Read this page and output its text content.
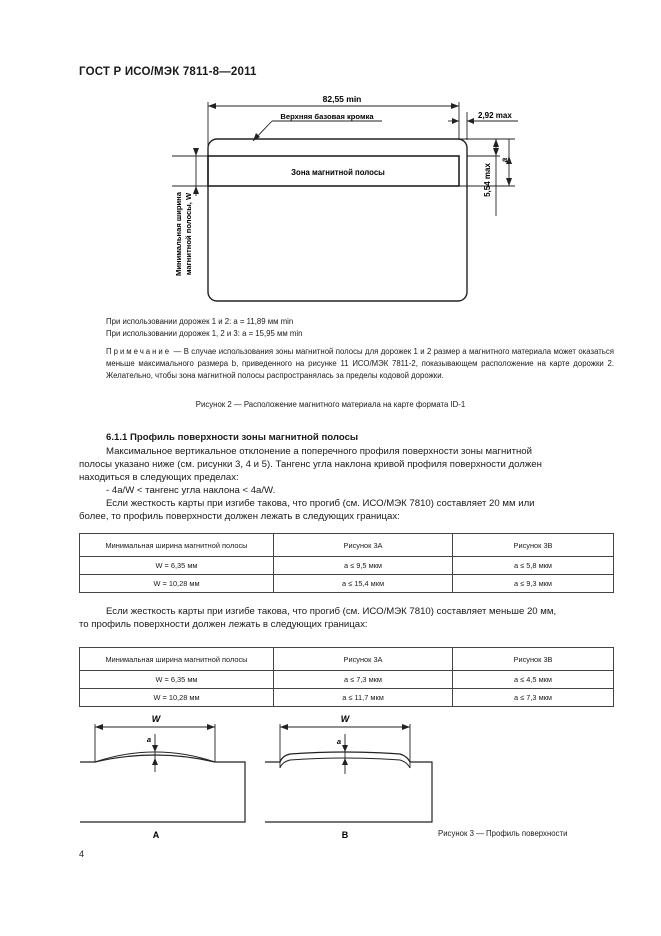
ГОСТ Р ИСО/МЭК 7811-8—2011
82,55 min
Верхняя базовая кромка	2,92 max
Зона магнитной полосы	5,54 max
a
Минимальная ширина магнитной полосы, W
При использовании дорожек 1 и 2: а = 11,89 мм min
При использовании дорожек 1, 2 и 3: а = 15,95 мм min
Примечание — В случае использования зоны магнитной полосы для дорожек 1 и 2 размер а магнитного материала может оказаться меньше максимального размера b, приведенного на рисунке 11 ИСО/МЭК 7811-2, показывающем расположение на карте дорожки 2. Желательно, чтобы зона магнитной полосы распространялась за пределы кодовой дорожки.
Рисунок 2 — Расположение магнитного материала на карте формата ID-1
6.1.1 Профиль поверхности зоны магнитной полосы
Максимальное вертикальное отклонение а поперечного профиля поверхности зоны магнитной
полосы указано ниже (см. рисунки 3, 4 и 5). Тангенс угла наклона кривой профиля поверхности должен
находиться в следующих пределах:
- 4а/W < тангенс угла наклона < 4а/W.
Если жесткость карты при изгибе такова, что прогиб (см. ИСО/МЭК 7810) составляет 20 мм или
более, то профиль поверхности должен лежать в следующих границах:
Минимальная ширина магнитной полосы	Рисунок 3А	Рисунок 3В
W = 6,35 мм	а ≤ 9,5 мкм	а ≤ 5,8 мкм
W = 10,28 мм	а ≤ 15,4 мкм	а ≤ 9,3 мкм
Если жесткость карты при изгибе такова, что прогиб (см. ИСО/МЭК 7810) составляет меньше 20 мм,
то профиль поверхности должен лежать в следующих границах:
Минимальная ширина магнитной полосы	Рисунок 3А	Рисунок 3В
W = 6,35 мм	а ≤ 7,3 мкм	а ≤ 4,5 мкм
W = 10,28 мм	а ≤ 11,7 мкм	а ≤ 7,3 мкм
W
a
A
W
a
B	Рисунок 3 — Профиль поверхности
4
